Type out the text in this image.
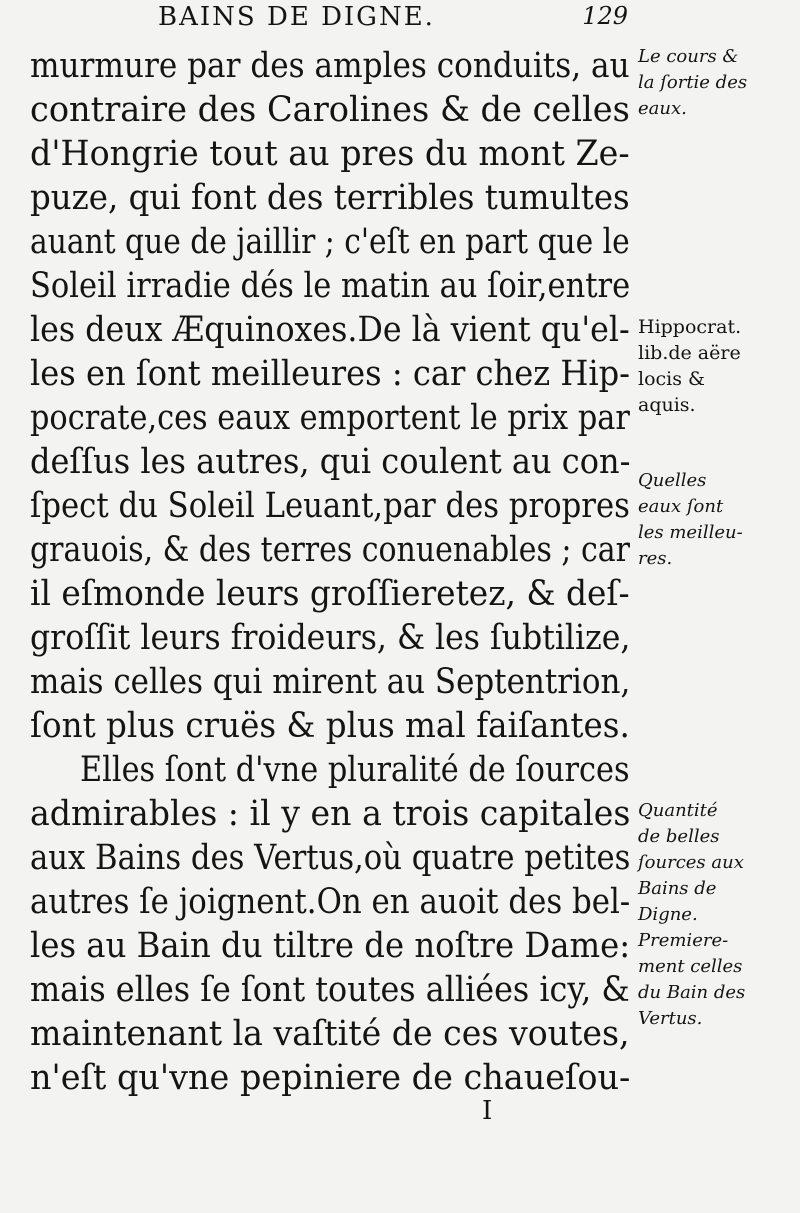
BAINS DE DIGNE.	129
murmure par des amples conduits, au
contraire des Carolines & de celles
d'Hongrie tout au pres du mont Ze-
puze, qui font des terribles tumultes
auant que de jaillir ; c'eſt en part que le
Soleil irradie dés le matin au ſoir,entre
les deux Æquinoxes.De là vient qu'el-
les en ſont meilleures : car chez Hip-
pocrate,ces eaux emportent le prix par
deſſus les autres, qui coulent au con-
ſpect du Soleil Leuant,par des propres
grauois, & des terres conuenables ; car
il eſmonde leurs groſſieretez, & deſ-
groſſit leurs froideurs, & les ſubtilize,
mais celles qui mirent au Septentrion,
ſont plus cruës & plus mal faiſantes.
Elles ſont d'vne pluralité de ſources
admirables : il y en a trois capitales
aux Bains des Vertus,où quatre petites
autres ſe joignent.On en auoit des bel-
les au Bain du tiltre de noſtre Dame:
mais elles ſe ſont toutes alliées icy, &
maintenant la vaſtité de ces voutes,
n'eſt qu'vne pepiniere de chaueſou-
Le cours &
la ſortie des
eaux.
Hippocrat.
lib.de aëre
locis &
aquis.
Quelles
eaux ſont
les meilleu-
res.
Quantité
de belles
ſources aux
Bains de
Digne.
Premiere-
ment celles
du Bain des
Vertus.
I
